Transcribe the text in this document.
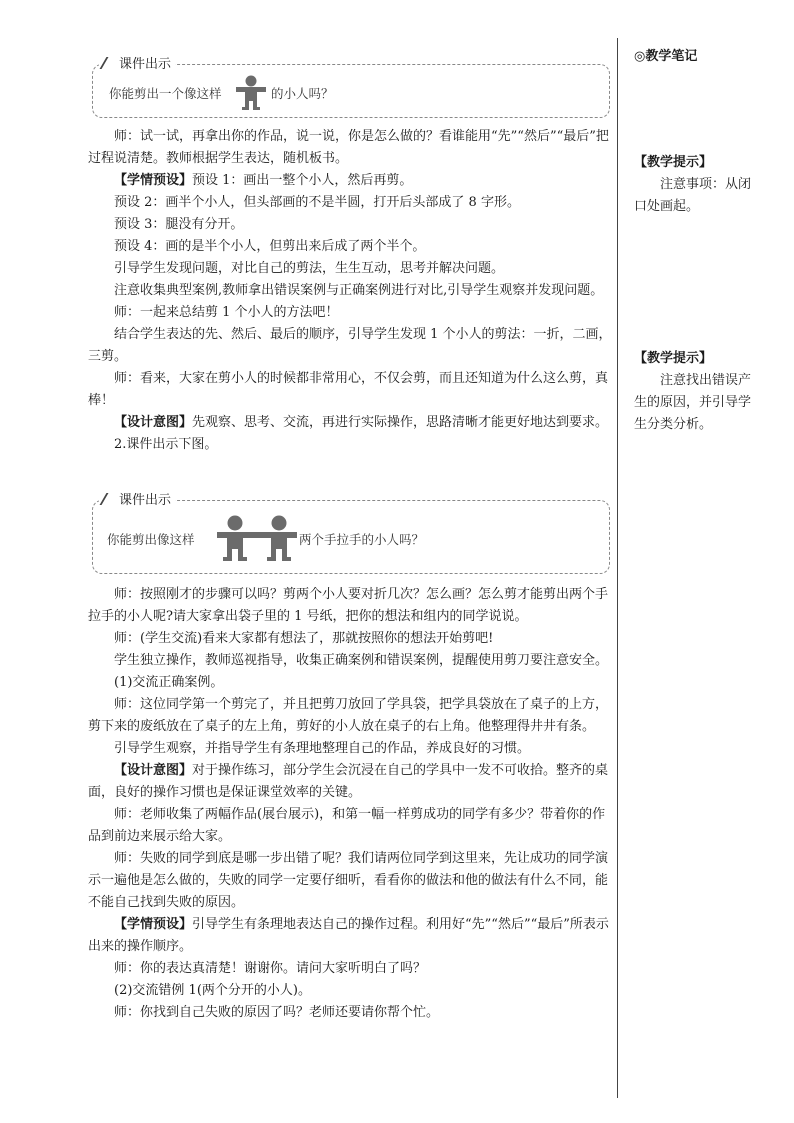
课件出示
你能剪出一个像这样	的小人吗？

师：试一试，再拿出你的作品，说一说，你是怎么做的？看谁能用“先”“然后”“最后”把过程说清楚。教师根据学生表达，随机板书。

【学情预设】预设 1：画出一整个小人，然后再剪。

预设 2：画半个小人，但头部画的不是半圆，打开后头部成了 8 字形。

预设 3：腿没有分开。

预设 4：画的是半个小人，但剪出来后成了两个半个。

引导学生发现问题，对比自己的剪法，生生互动，思考并解决问题。

注意收集典型案例,教师拿出错误案例与正确案例进行对比,引导学生观察并发现问题。

师：一起来总结剪 1 个小人的方法吧！

结合学生表达的先、然后、最后的顺序，引导学生发现 1 个小人的剪法：一折，二画，三剪。

师：看来，大家在剪小人的时候都非常用心，不仅会剪，而且还知道为什么这么剪，真棒！

【设计意图】先观察、思考、交流，再进行实际操作，思路清晰才能更好地达到要求。

2.课件出示下图。

课件出示
你能剪出像这样	两个手拉手的小人吗？

师：按照刚才的步骤可以吗？剪两个小人要对折几次？怎么画？怎么剪才能剪出两个手拉手的小人呢?请大家拿出袋子里的 1 号纸，把你的想法和组内的同学说说。

师：(学生交流)看来大家都有想法了，那就按照你的想法开始剪吧!

学生独立操作，教师巡视指导，收集正确案例和错误案例，提醒使用剪刀要注意安全。

(1)交流正确案例。

师：这位同学第一个剪完了，并且把剪刀放回了学具袋，把学具袋放在了桌子的上方，剪下来的废纸放在了桌子的左上角，剪好的小人放在桌子的右上角。他整理得井井有条。

引导学生观察，并指导学生有条理地整理自己的作品，养成良好的习惯。

【设计意图】对于操作练习，部分学生会沉浸在自己的学具中一发不可收拾。整齐的桌面，良好的操作习惯也是保证课堂效率的关键。

师：老师收集了两幅作品(展台展示)，和第一幅一样剪成功的同学有多少？带着你的作品到前边来展示给大家。

师：失败的同学到底是哪一步出错了呢？我们请两位同学到这里来，先让成功的同学演示一遍他是怎么做的，失败的同学一定要仔细听，看看你的做法和他的做法有什么不同，能不能自己找到失败的原因。

【学情预设】引导学生有条理地表达自己的操作过程。利用好“先”“然后”“最后”所表示出来的操作顺序。

师：你的表达真清楚！谢谢你。请问大家听明白了吗？

(2)交流错例 1(两个分开的小人)。

师：你找到自己失败的原因了吗？老师还要请你帮个忙。

◎教学笔记
【教学提示】

注意事项：从闭口处画起。

【教学提示】

注意找出错误产生的原因，并引导学生分类分析。
